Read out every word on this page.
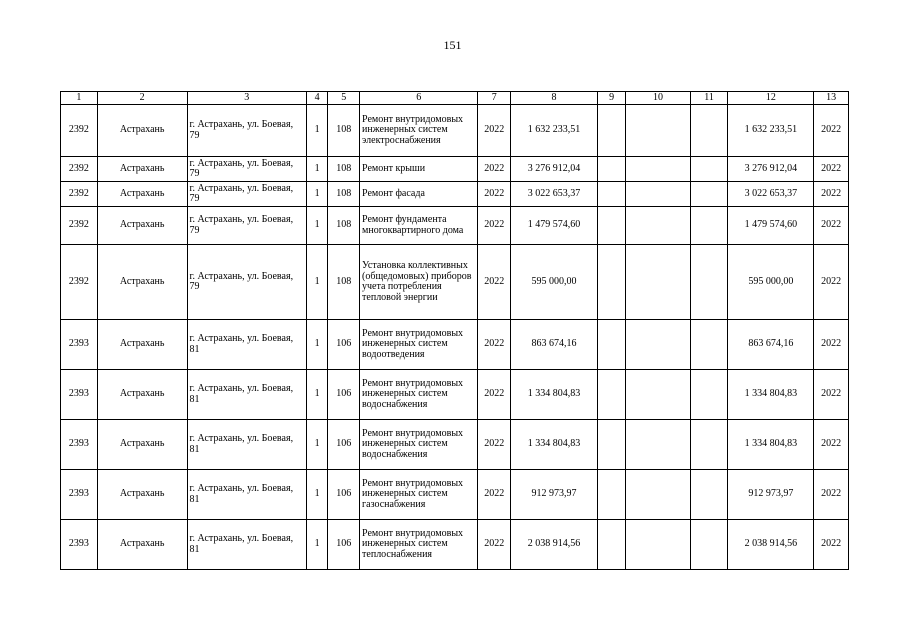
151
1	2	3	4	5	6	7	8	9	10	11	12	13
2392	Астрахань	г. Астрахань, ул. Боевая, 79	1	108	Ремонт внутридомовых инженерных систем электроснабжения	2022	1 632 233,51				1 632 233,51	2022
2392	Астрахань	г. Астрахань, ул. Боевая, 79	1	108	Ремонт крыши	2022	3 276 912,04				3 276 912,04	2022
2392	Астрахань	г. Астрахань, ул. Боевая, 79	1	108	Ремонт фасада	2022	3 022 653,37				3 022 653,37	2022
2392	Астрахань	г. Астрахань, ул. Боевая, 79	1	108	Ремонт фундамента многоквартирного дома	2022	1 479 574,60				1 479 574,60	2022
2392	Астрахань	г. Астрахань, ул. Боевая, 79	1	108	Установка коллективных (общедомовых) приборов учета потребления тепловой энергии	2022	595 000,00				595 000,00	2022
2393	Астрахань	г. Астрахань, ул. Боевая, 81	1	106	Ремонт внутридомовых инженерных систем водоотведения	2022	863 674,16				863 674,16	2022
2393	Астрахань	г. Астрахань, ул. Боевая, 81	1	106	Ремонт внутридомовых инженерных систем водоснабжения	2022	1 334 804,83				1 334 804,83	2022
2393	Астрахань	г. Астрахань, ул. Боевая, 81	1	106	Ремонт внутридомовых инженерных систем водоснабжения	2022	1 334 804,83				1 334 804,83	2022
2393	Астрахань	г. Астрахань, ул. Боевая, 81	1	106	Ремонт внутридомовых инженерных систем газоснабжения	2022	912 973,97				912 973,97	2022
2393	Астрахань	г. Астрахань, ул. Боевая, 81	1	106	Ремонт внутридомовых инженерных систем теплоснабжения	2022	2 038 914,56				2 038 914,56	2022
